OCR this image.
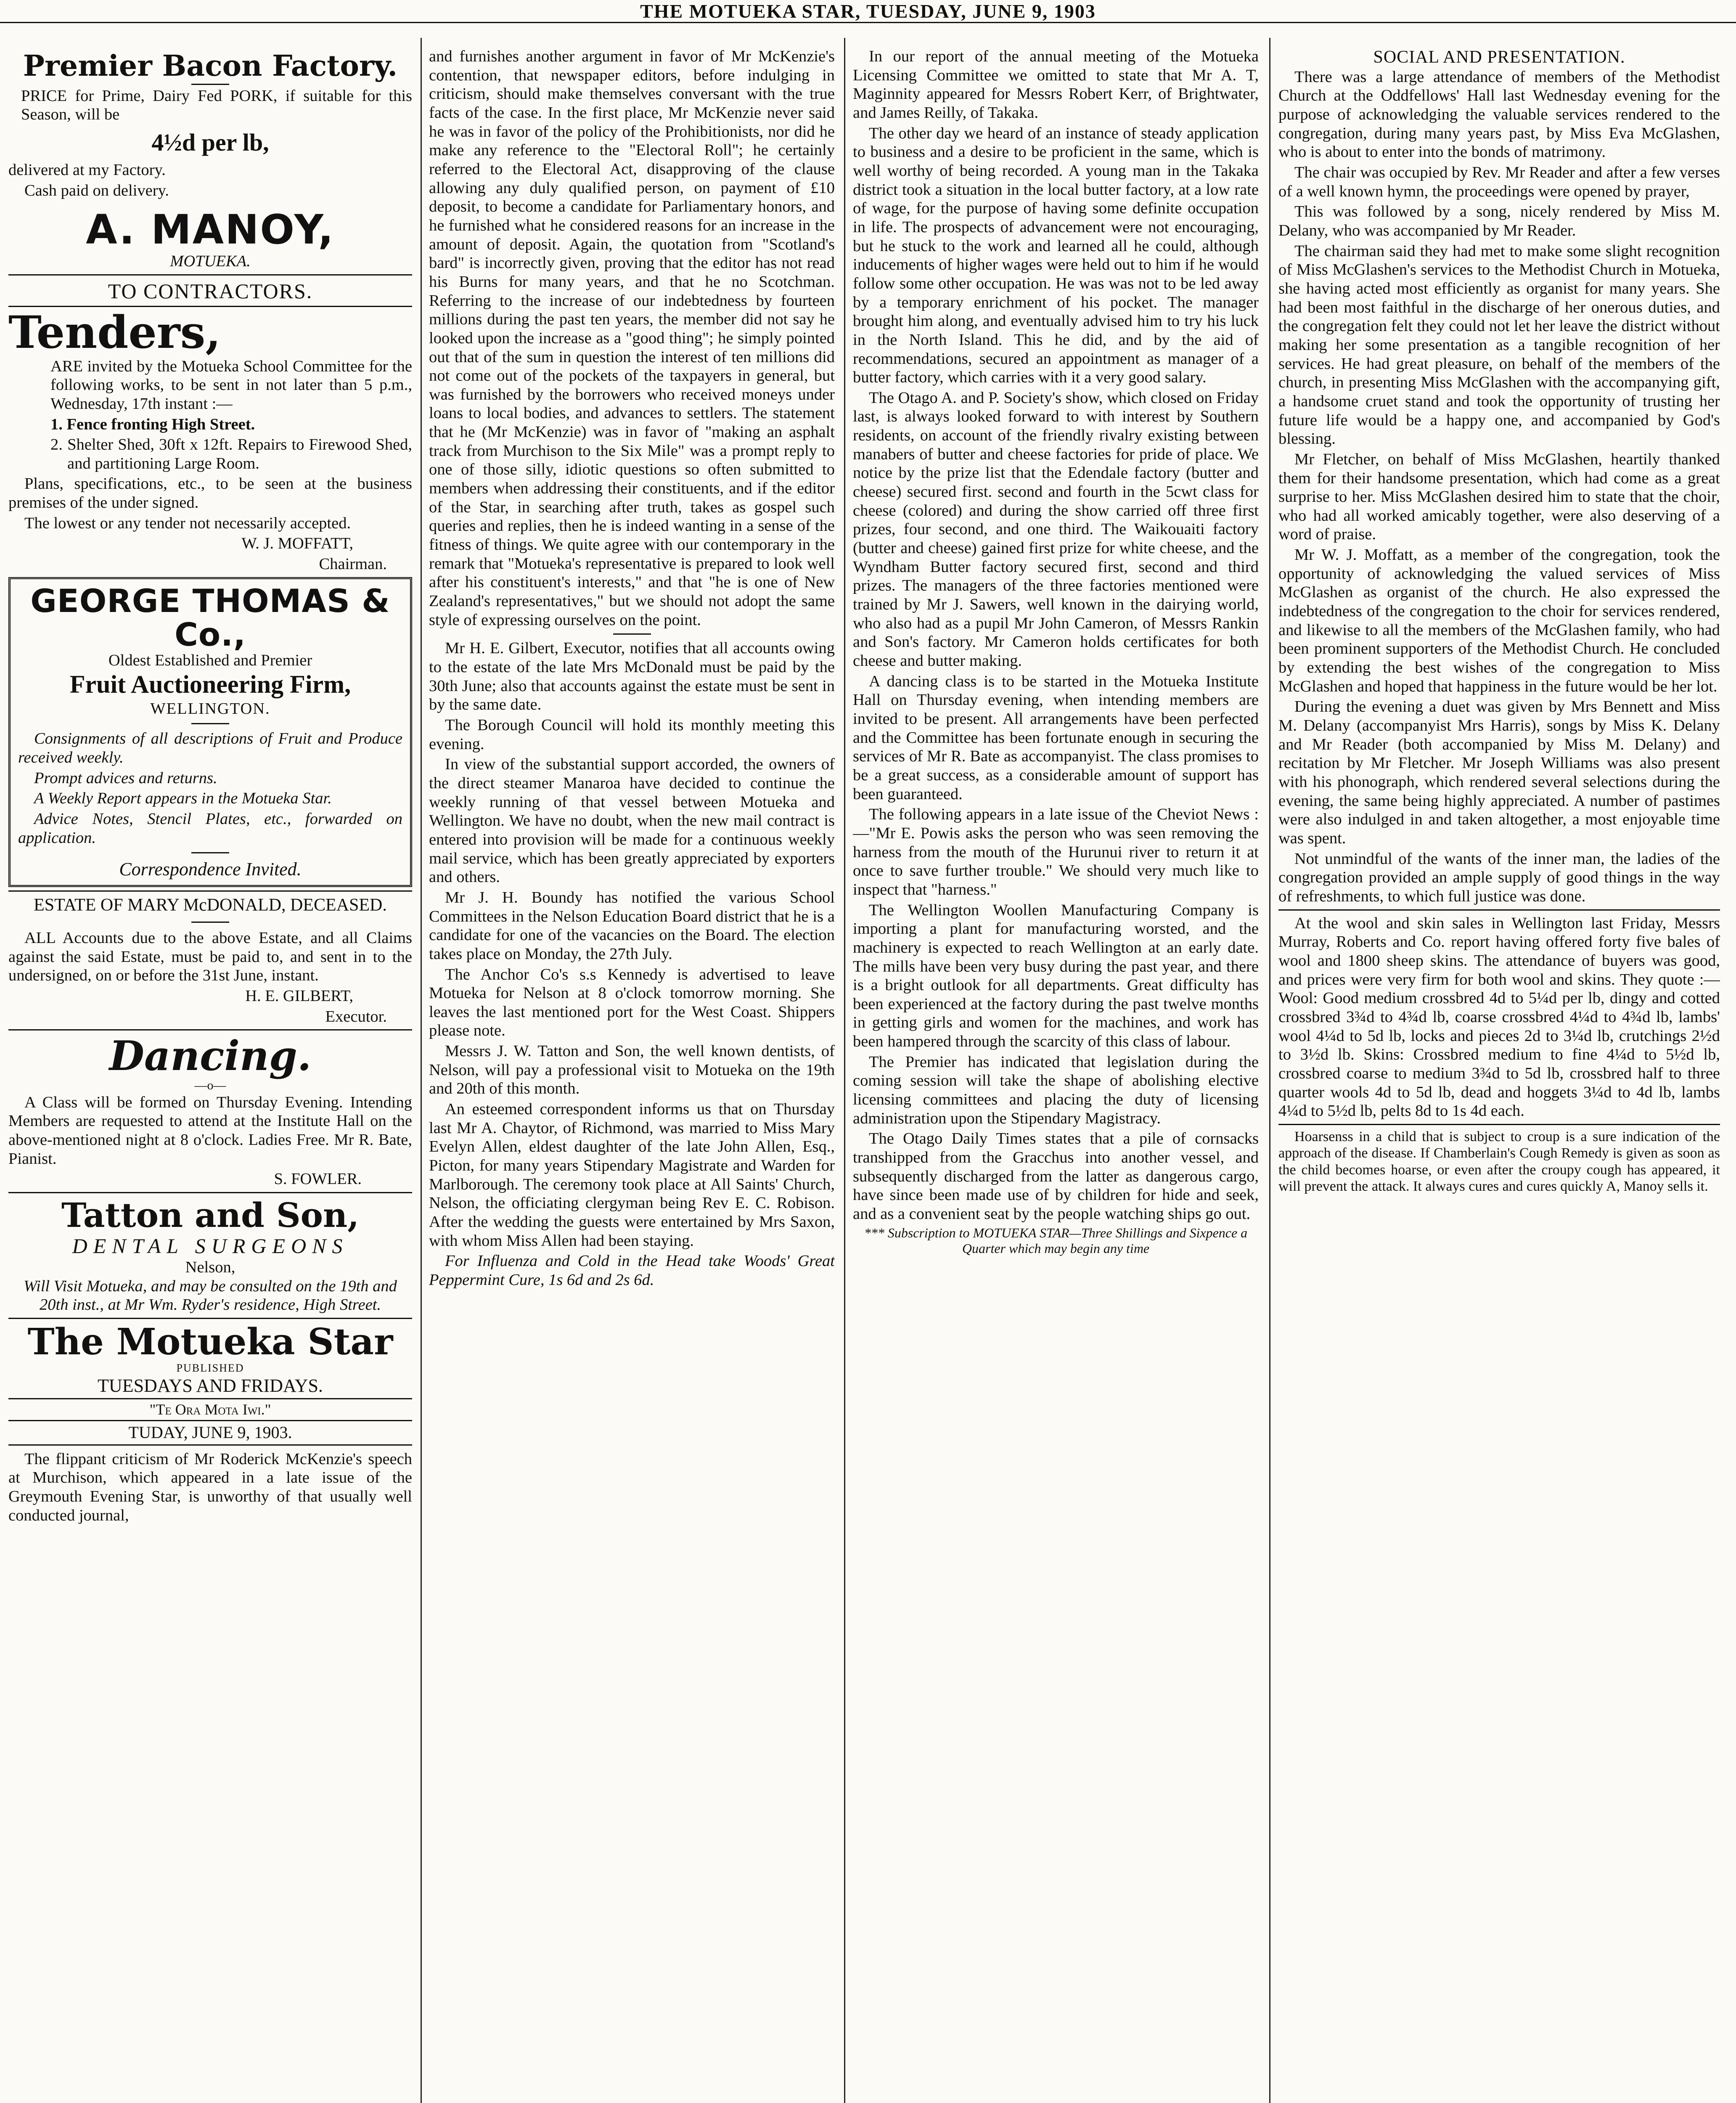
THE MOTUEKA STAR, TUESDAY, JUNE 9, 1903
Premier Bacon Factory.

PRICE for Prime, Dairy Fed PORK, if suitable for this Season, will be

4½d per lb,

delivered at my Factory.

Cash paid on delivery.

A. MANOY,
MOTUEKA.
TO CONTRACTORS.
Tenders,

ARE invited by the Motueka School Committee for the following works, to be sent in not later than 5 p.m., Wednesday, 17th instant :—

1. Fence fronting High Street.

2. Shelter Shed, 30ft x 12ft. Repairs to Firewood Shed, and partitioning Large Room.

Plans, specifications, etc., to be seen at the business premises of the under signed.

The lowest or any tender not necessarily accepted.

W. J. MOFFATT,

Chairman.

GEORGE THOMAS & Co.,
Oldest Established and Premier
Fruit Auctioneering Firm,
WELLINGTON.

Consignments of all descriptions of Fruit and Produce received weekly.

Prompt advices and returns.

A Weekly Report appears in the Motueka Star.

Advice Notes, Stencil Plates, etc., forwarded on application.

Correspondence Invited.
ESTATE OF MARY McDONALD, DECEASED.

ALL Accounts due to the above Estate, and all Claims against the said Estate, must be paid to, and sent in to the undersigned, on or before the 31st June, instant.

H. E. GILBERT,

Executor.

Dancing.
—o—

A Class will be formed on Thursday Evening. Intending Members are requested to attend at the Institute Hall on the above-mentioned night at 8 o'clock. Ladies Free. Mr R. Bate, Pianist.

S. FOWLER.

Tatton and Son,
DENTAL SURGEONS
Nelson,

Will Visit Motueka, and may be consulted on the 19th and 20th inst., at Mr Wm. Ryder's residence, High Street.

The Motueka Star
PUBLISHED
TUESDAYS AND FRIDAYS.
"Te Ora Mota Iwi."
TUDAY, JUNE 9, 1903.

The flippant criticism of Mr Roderick McKenzie's speech at Murchison, which appeared in a late issue of the Greymouth Evening Star, is unworthy of that usually well conducted journal,

and furnishes another argument in favor of Mr McKenzie's contention, that newspaper editors, before indulging in criticism, should make themselves conversant with the true facts of the case. In the first place, Mr McKenzie never said he was in favor of the policy of the Prohibitionists, nor did he make any reference to the "Electoral Roll"; he certainly referred to the Electoral Act, disapproving of the clause allowing any duly qualified person, on payment of £10 deposit, to become a candidate for Parliamentary honors, and he furnished what he considered reasons for an increase in the amount of deposit. Again, the quotation from "Scotland's bard" is incorrectly given, proving that the editor has not read his Burns for many years, and that he no Scotchman. Referring to the increase of our indebtedness by fourteen millions during the past ten years, the member did not say he looked upon the increase as a "good thing"; he simply pointed out that of the sum in question the interest of ten millions did not come out of the pockets of the taxpayers in general, but was furnished by the borrowers who received moneys under loans to local bodies, and advances to settlers. The statement that he (Mr McKenzie) was in favor of "making an asphalt track from Murchison to the Six Mile" was a prompt reply to one of those silly, idiotic questions so often submitted to members when addressing their constituents, and if the editor of the Star, in searching after truth, takes as gospel such queries and replies, then he is indeed wanting in a sense of the fitness of things. We quite agree with our contemporary in the remark that "Motueka's representative is prepared to look well after his constituent's interests," and that "he is one of New Zealand's representatives," but we should not adopt the same style of expressing ourselves on the point.

Mr H. E. Gilbert, Executor, notifies that all accounts owing to the estate of the late Mrs McDonald must be paid by the 30th June; also that accounts against the estate must be sent in by the same date.

The Borough Council will hold its monthly meeting this evening.

In view of the substantial support accorded, the owners of the direct steamer Manaroa have decided to continue the weekly running of that vessel between Motueka and Wellington. We have no doubt, when the new mail contract is entered into provision will be made for a continuous weekly mail service, which has been greatly appreciated by exporters and others.

Mr J. H. Boundy has notified the various School Committees in the Nelson Education Board district that he is a candidate for one of the vacancies on the Board. The election takes place on Monday, the 27th July.

The Anchor Co's s.s Kennedy is advertised to leave Motueka for Nelson at 8 o'clock tomorrow morning. She leaves the last mentioned port for the West Coast. Shippers please note.

Messrs J. W. Tatton and Son, the well known dentists, of Nelson, will pay a professional visit to Motueka on the 19th and 20th of this month.

An esteemed correspondent informs us that on Thursday last Mr A. Chaytor, of Richmond, was married to Miss Mary Evelyn Allen, eldest daughter of the late John Allen, Esq., Picton, for many years Stipendary Magistrate and Warden for Marlborough. The ceremony took place at All Saints' Church, Nelson, the officiating clergyman being Rev E. C. Robison. After the wedding the guests were entertained by Mrs Saxon, with whom Miss Allen had been staying.

For Influenza and Cold in the Head take Woods' Great Peppermint Cure, 1s 6d and 2s 6d.

In our report of the annual meeting of the Motueka Licensing Committee we omitted to state that Mr A. T, Maginnity appeared for Messrs Robert Kerr, of Brightwater, and James Reilly, of Takaka.

The other day we heard of an instance of steady application to business and a desire to be proficient in the same, which is well worthy of being recorded. A young man in the Takaka district took a situation in the local butter factory, at a low rate of wage, for the purpose of having some definite occupation in life. The prospects of advancement were not encouraging, but he stuck to the work and learned all he could, although inducements of higher wages were held out to him if he would follow some other occupation. He was was not to be led away by a temporary enrichment of his pocket. The manager brought him along, and eventually advised him to try his luck in the North Island. This he did, and by the aid of recommendations, secured an appointment as manager of a butter factory, which carries with it a very good salary.

The Otago A. and P. Society's show, which closed on Friday last, is always looked forward to with interest by Southern residents, on account of the friendly rivalry existing between manabers of butter and cheese factories for pride of place. We notice by the prize list that the Edendale factory (butter and cheese) secured first. second and fourth in the 5cwt class for cheese (colored) and during the show carried off three first prizes, four second, and one third. The Waikouaiti factory (butter and cheese) gained first prize for white cheese, and the Wyndham Butter factory secured first, second and third prizes. The managers of the three factories mentioned were trained by Mr J. Sawers, well known in the dairying world, who also had as a pupil Mr John Cameron, of Messrs Rankin and Son's factory. Mr Cameron holds certificates for both cheese and butter making.

A dancing class is to be started in the Motueka Institute Hall on Thursday evening, when intending members are invited to be present. All arrangements have been perfected and the Committee has been fortunate enough in securing the services of Mr R. Bate as accompanyist. The class promises to be a great success, as a considerable amount of support has been guaranteed.

The following appears in a late issue of the Cheviot News :—"Mr E. Powis asks the person who was seen removing the harness from the mouth of the Hurunui river to return it at once to save further trouble." We should very much like to inspect that "harness."

The Wellington Woollen Manufacturing Company is importing a plant for manufacturing worsted, and the machinery is expected to reach Wellington at an early date. The mills have been very busy during the past year, and there is a bright outlook for all departments. Great difficulty has been experienced at the factory during the past twelve months in getting girls and women for the machines, and work has been hampered through the scarcity of this class of labour.

The Premier has indicated that legislation during the coming session will take the shape of abolishing elective licensing committees and placing the duty of licensing administration upon the Stipendary Magistracy.

The Otago Daily Times states that a pile of cornsacks transhipped from the Gracchus into another vessel, and subsequently discharged from the latter as dangerous cargo, have since been made use of by children for hide and seek, and as a convenient seat by the people watching ships go out.

*** Subscription to MOTUEKA STAR—Three Shillings and Sixpence a Quarter which may begin any time

SOCIAL AND PRESENTATION.

There was a large attendance of members of the Methodist Church at the Oddfellows' Hall last Wednesday evening for the purpose of acknowledging the valuable services rendered to the congregation, during many years past, by Miss Eva McGlashen, who is about to enter into the bonds of matrimony.

The chair was occupied by Rev. Mr Reader and after a few verses of a well known hymn, the proceedings were opened by prayer,

This was followed by a song, nicely rendered by Miss M. Delany, who was accompanied by Mr Reader.

The chairman said they had met to make some slight recognition of Miss McGlashen's services to the Methodist Church in Motueka, she having acted most efficiently as organist for many years. She had been most faithful in the discharge of her onerous duties, and the congregation felt they could not let her leave the district without making her some presentation as a tangible recognition of her services. He had great pleasure, on behalf of the members of the church, in presenting Miss McGlashen with the accompanying gift, a handsome cruet stand and took the opportunity of trusting her future life would be a happy one, and accompanied by God's blessing.

Mr Fletcher, on behalf of Miss McGlashen, heartily thanked them for their handsome presentation, which had come as a great surprise to her. Miss McGlashen desired him to state that the choir, who had all worked amicably together, were also deserving of a word of praise.

Mr W. J. Moffatt, as a member of the congregation, took the opportunity of acknowledging the valued services of Miss McGlashen as organist of the church. He also expressed the indebtedness of the congregation to the choir for services rendered, and likewise to all the members of the McGlashen family, who had been prominent supporters of the Methodist Church. He concluded by extending the best wishes of the congregation to Miss McGlashen and hoped that happiness in the future would be her lot.

During the evening a duet was given by Mrs Bennett and Miss M. Delany (accompanyist Mrs Harris), songs by Miss K. Delany and Mr Reader (both accompanied by Miss M. Delany) and recitation by Mr Fletcher. Mr Joseph Williams was also present with his phonograph, which rendered several selections during the evening, the same being highly appreciated. A number of pastimes were also indulged in and taken altogether, a most enjoyable time was spent.

Not unmindful of the wants of the inner man, the ladies of the congregation provided an ample supply of good things in the way of refreshments, to which full justice was done.

At the wool and skin sales in Wellington last Friday, Messrs Murray, Roberts and Co. report having offered forty five bales of wool and 1800 sheep skins. The attendance of buyers was good, and prices were very firm for both wool and skins. They quote :—Wool: Good medium crossbred 4d to 5¼d per lb, dingy and cotted crossbred 3¾d to 4¾d lb, coarse crossbred 4¼d to 4¾d lb, lambs' wool 4¼d to 5d lb, locks and pieces 2d to 3¼d lb, crutchings 2½d to 3½d lb. Skins: Crossbred medium to fine 4¼d to 5½d lb, crossbred coarse to medium 3¾d to 5d lb, crossbred half to three quarter wools 4d to 5d lb, dead and hoggets 3¼d to 4d lb, lambs 4¼d to 5½d lb, pelts 8d to 1s 4d each.

Hoarsenss in a child that is subject to croup is a sure indication of the approach of the disease. If Chamberlain's Cough Remedy is given as soon as the child becomes hoarse, or even after the croupy cough has appeared, it will prevent the attack. It always cures and cures quickly A, Manoy sells it.
